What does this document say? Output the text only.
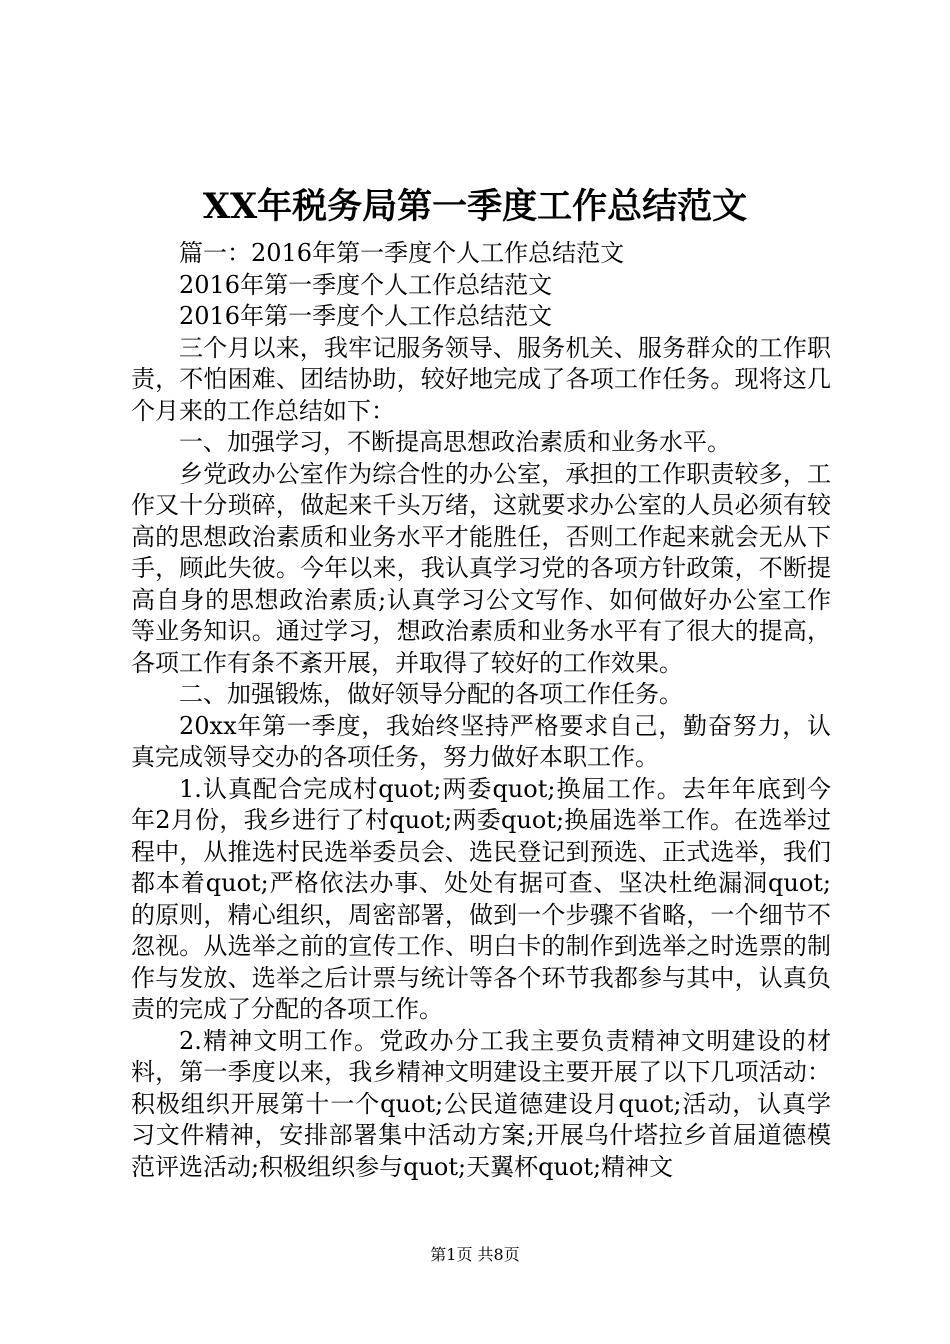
XX年税务局第一季度工作总结范文

篇一：2016年第一季度个人工作总结范文

2016年第一季度个人工作总结范文

2016年第一季度个人工作总结范文

三个月以来，我牢记服务领导、服务机关、服务群众的工作职责，不怕困难、团结协助，较好地完成了各项工作任务。现将这几个月来的工作总结如下：

一、加强学习，不断提高思想政治素质和业务水平。

乡党政办公室作为综合性的办公室，承担的工作职责较多，工作又十分琐碎，做起来千头万绪，这就要求办公室的人员必须有较高的思想政治素质和业务水平才能胜任，否则工作起来就会无从下手，顾此失彼。今年以来，我认真学习党的各项方针政策，不断提高自身的思想政治素质;认真学习公文写作、如何做好办公室工作等业务知识。通过学习，想政治素质和业务水平有了很大的提高，各项工作有条不紊开展，并取得了较好的工作效果。

二、加强锻炼，做好领导分配的各项工作任务。

20xx年第一季度，我始终坚持严格要求自己，勤奋努力，认真完成领导交办的各项任务，努力做好本职工作。

1.认真配合完成村quot;两委quot;换届工作。去年年底到今年2月份，我乡进行了村quot;两委quot;换届选举工作。在选举过程中，从推选村民选举委员会、选民登记到预选、正式选举，我们都本着quot;严格依法办事、处处有据可查、坚决杜绝漏洞quot;的原则，精心组织，周密部署，做到一个步骤不省略，一个细节不忽视。从选举之前的宣传工作、明白卡的制作到选举之时选票的制作与发放、选举之后计票与统计等各个环节我都参与其中，认真负责的完成了分配的各项工作。

2.精神文明工作。党政办分工我主要负责精神文明建设的材料，第一季度以来，我乡精神文明建设主要开展了以下几项活动：积极组织开展第十一个quot;公民道德建设月quot;活动，认真学习文件精神，安排部署集中活动方案;开展乌什塔拉乡首届道德模范评选活动;积极组织参与quot;天翼杯quot;精神文

第1页 共8页
